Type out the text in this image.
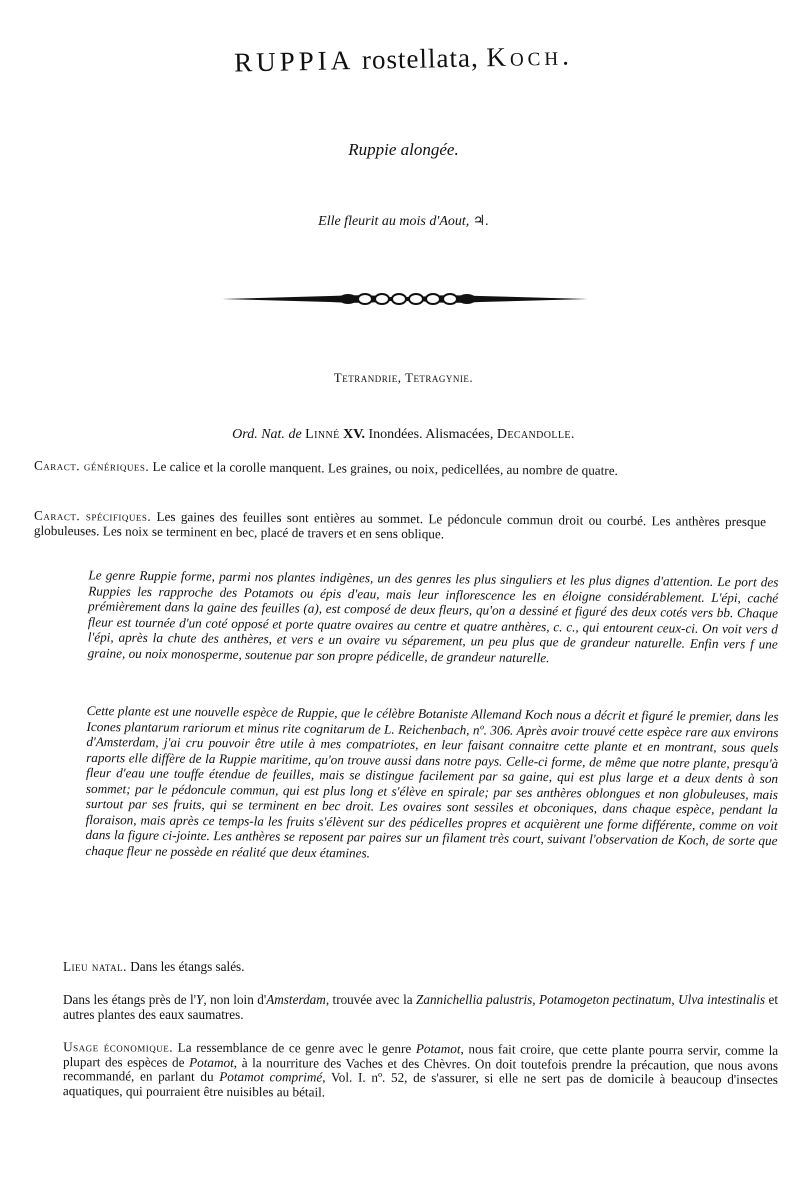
RUPPIA rostellata, Koch.
Ruppie alongée.
Elle fleurit au mois d'Aout, ♃.
Tetrandrie, Tetragynie.
Ord. Nat. de Linné XV. Inondées. Alismacées, Decandolle.

Caract. génériques. Le calice et la corolle manquent. Les graines, ou noix, pedicellées, au nombre de quatre.

Caract. spécifiques. Les gaines des feuilles sont entières au sommet. Le pédoncule commun droit ou courbé. Les anthères presque globuleuses. Les noix se terminent en bec, placé de travers et en sens oblique.

Le genre Ruppie forme, parmi nos plantes indigènes, un des genres les plus singuliers et les plus dignes d'attention. Le port des Ruppies les rapproche des Potamots ou épis d'eau, mais leur inflorescence les en éloigne considérablement. L'épi, caché prémièrement dans la gaine des feuilles (a), est composé de deux fleurs, qu'on a dessiné et figuré des deux cotés vers bb. Chaque fleur est tournée d'un coté opposé et porte quatre ovaires au centre et quatre anthères, c. c., qui entourent ceux-ci. On voit vers d l'épi, après la chute des anthères, et vers e un ovaire vu séparement, un peu plus que de grandeur naturelle. Enfin vers f une graine, ou noix monosperme, soutenue par son propre pédicelle, de grandeur naturelle.

Cette plante est une nouvelle espèce de Ruppie, que le célèbre Botaniste Allemand Koch nous a décrit et figuré le premier, dans les Icones plantarum rariorum et minus rite cognitarum de L. Reichenbach, nº. 306. Après avoir trouvé cette espèce rare aux environs d'Amsterdam, j'ai cru pouvoir être utile à mes compatriotes, en leur faisant connaitre cette plante et en montrant, sous quels raports elle diffère de la Ruppie maritime, qu'on trouve aussi dans notre pays. Celle-ci forme, de même que notre plante, presqu'à fleur d'eau une touffe étendue de feuilles, mais se distingue facilement par sa gaine, qui est plus large et a deux dents à son sommet; par le pédoncule commun, qui est plus long et s'élève en spirale; par ses anthères oblongues et non globuleuses, mais surtout par ses fruits, qui se terminent en bec droit. Les ovaires sont sessiles et obconiques, dans chaque espèce, pendant la floraison, mais après ce temps-la les fruits s'élèvent sur des pédicelles propres et acquièrent une forme différente, comme on voit dans la figure ci-jointe. Les anthères se reposent par paires sur un filament très court, suivant l'observation de Koch, de sorte que chaque fleur ne possède en réalité que deux étamines.

Lieu natal. Dans les étangs salés.

Dans les étangs près de l'Y, non loin d'Amsterdam, trouvée avec la Zannichellia palustris, Potamogeton pectinatum, Ulva intestinalis et autres plantes des eaux saumatres.

Usage économique. La ressemblance de ce genre avec le genre Potamot, nous fait croire, que cette plante pourra servir, comme la plupart des espèces de Potamot, à la nourriture des Vaches et des Chèvres. On doit toutefois prendre la précaution, que nous avons recommandé, en parlant du Potamot comprimé, Vol. I. nº. 52, de s'assurer, si elle ne sert pas de domicile à beaucoup d'insectes aquatiques, qui pourraient être nuisibles au bétail.
